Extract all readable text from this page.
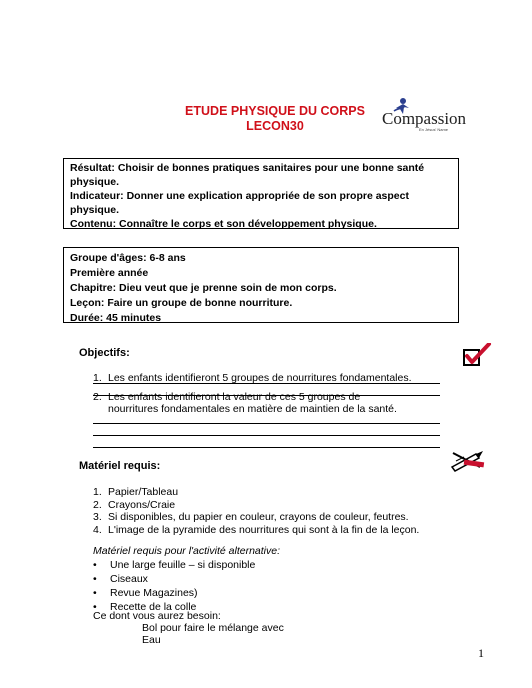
ETUDE PHYSIQUE DU CORPS
LECON30	Compassion
En Jésus' Name

Résultat: Choisir de bonnes pratiques sanitaires pour une bonne santé physique.

Indicateur: Donner une explication appropriée de son propre aspect physique.

Contenu: Connaître le corps et son développement physique.

Groupe d'âges: 6-8 ans

Première année

Chapitre: Dieu veut que je prenne soin de mon corps.

Leçon: Faire un groupe de bonne nourriture.

Durée: 45 minutes

Objectifs:
1. Les enfants identifieront 5 groupes de nourritures fondamentales.
2. Les enfants identifieront la valeur de ces 5 groupes de nourritures fondamentales en matière de maintien de la santé.
Matériel requis:
1. Papier/Tableau
2. Crayons/Craie
3. Si disponibles, du papier en couleur, crayons de couleur, feutres.
4. L'image de la pyramide des nourritures qui sont à la fin de la leçon.
Matériel requis pour l'activité alternative:
• Une large feuille – si disponible
• Ciseaux
• Revue Magazines)
• Recette de la colle
Ce dont vous aurez besoin:
Bol pour faire le mélange avec
Eau
1
